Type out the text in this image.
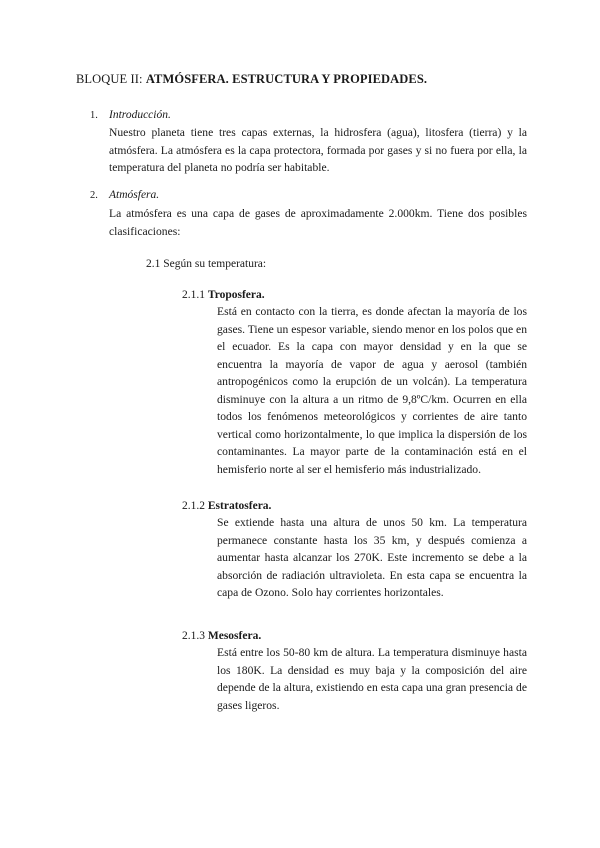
BLOQUE II: ATMÓSFERA. ESTRUCTURA Y PROPIEDADES.
1. Introducción.
Nuestro planeta tiene tres capas externas, la hidrosfera (agua), litosfera (tierra) y la atmósfera. La atmósfera es la capa protectora, formada por gases y si no fuera por ella, la temperatura del planeta no podría ser habitable.
2. Atmósfera.
La atmósfera es una capa de gases de aproximadamente 2.000km. Tiene dos posibles clasificaciones:
2.1 Según su temperatura:
2.1.1 Troposfera.
Está en contacto con la tierra, es donde afectan la mayoría de los gases. Tiene un espesor variable, siendo menor en los polos que en el ecuador. Es la capa con mayor densidad y en la que se encuentra la mayoría de vapor de agua y aerosol (también antropogénicos como la erupción de un volcán). La temperatura disminuye con la altura a un ritmo de 9,8ºC/km. Ocurren en ella todos los fenómenos meteorológicos y corrientes de aire tanto vertical como horizontalmente, lo que implica la dispersión de los contaminantes. La mayor parte de la contaminación está en el hemisferio norte al ser el hemisferio más industrializado.
2.1.2 Estratosfera.
Se extiende hasta una altura de unos 50 km. La temperatura permanece constante hasta los 35 km, y después comienza a aumentar hasta alcanzar los 270K. Este incremento se debe a la absorción de radiación ultravioleta. En esta capa se encuentra la capa de Ozono. Solo hay corrientes horizontales.
2.1.3 Mesosfera.
Está entre los 50-80 km de altura. La temperatura disminuye hasta los 180K. La densidad es muy baja y la composición del aire depende de la altura, existiendo en esta capa una gran presencia de gases ligeros.
